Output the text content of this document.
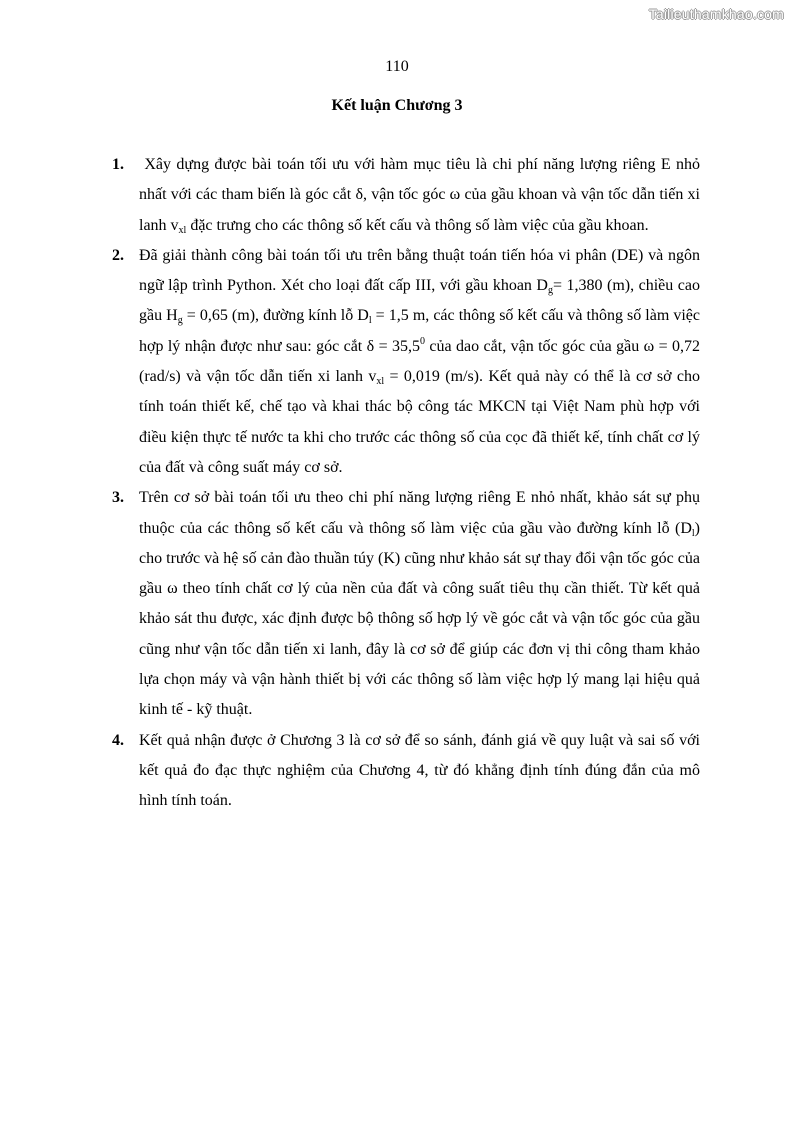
Tailieuthamkhao.com
110
Kết luận Chương 3
1.	Xây dựng được bài toán tối ưu với hàm mục tiêu là chi phí năng lượng riêng E nhỏ nhất với các tham biến là góc cắt δ, vận tốc góc ω của gầu khoan và vận tốc dẫn tiến xi lanh $v_{xl}$ đặc trưng cho các thông số kết cấu và thông số làm việc của gầu khoan.
2. Đã giải thành công bài toán tối ưu trên bằng thuật toán tiến hóa vi phân (DE) và ngôn ngữ lập trình Python. Xét cho loại đất cấp III, với gầu khoan $D_g= 1,380$ (m), chiều cao gầu $H_g = 0,65$ (m), đường kính lỗ $D_l = 1,5$ m, các thông số kết cấu và thông số làm việc hợp lý nhận được như sau: góc cắt $\delta = 35,5^0$ của dao cắt, vận tốc góc của gầu ω = 0,72 (rad/s) và vận tốc dẫn tiến xi lanh $v_{xl} = 0,019$ (m/s). Kết quả này có thể là cơ sở cho tính toán thiết kế, chế tạo và khai thác bộ công tác MKCN tại Việt Nam phù hợp với điều kiện thực tế nước ta khi cho trước các thông số của cọc đã thiết kế, tính chất cơ lý của đất và công suất máy cơ sở.
3. Trên cơ sở bài toán tối ưu theo chi phí năng lượng riêng E nhỏ nhất, khảo sát sự phụ thuộc của các thông số kết cấu và thông số làm việc của gầu vào đường kính lỗ $(D_l)$ cho trước và hệ số cản đào thuần túy (K) cũng như khảo sát sự thay đổi vận tốc góc của gầu ω theo tính chất cơ lý của nền của đất và công suất tiêu thụ cần thiết. Từ kết quả khảo sát thu được, xác định được bộ thông số hợp lý về góc cắt và vận tốc góc của gầu cũng như vận tốc dẫn tiến xi lanh, đây là cơ sở để giúp các đơn vị thi công tham khảo lựa chọn máy và vận hành thiết bị với các thông số làm việc hợp lý mang lại hiệu quả kinh tế - kỹ thuật.
4. Kết quả nhận được ở Chương 3 là cơ sở để so sánh, đánh giá về quy luật và sai số với kết quả đo đạc thực nghiệm của Chương 4, từ đó khẳng định tính đúng đắn của mô hình tính toán.
